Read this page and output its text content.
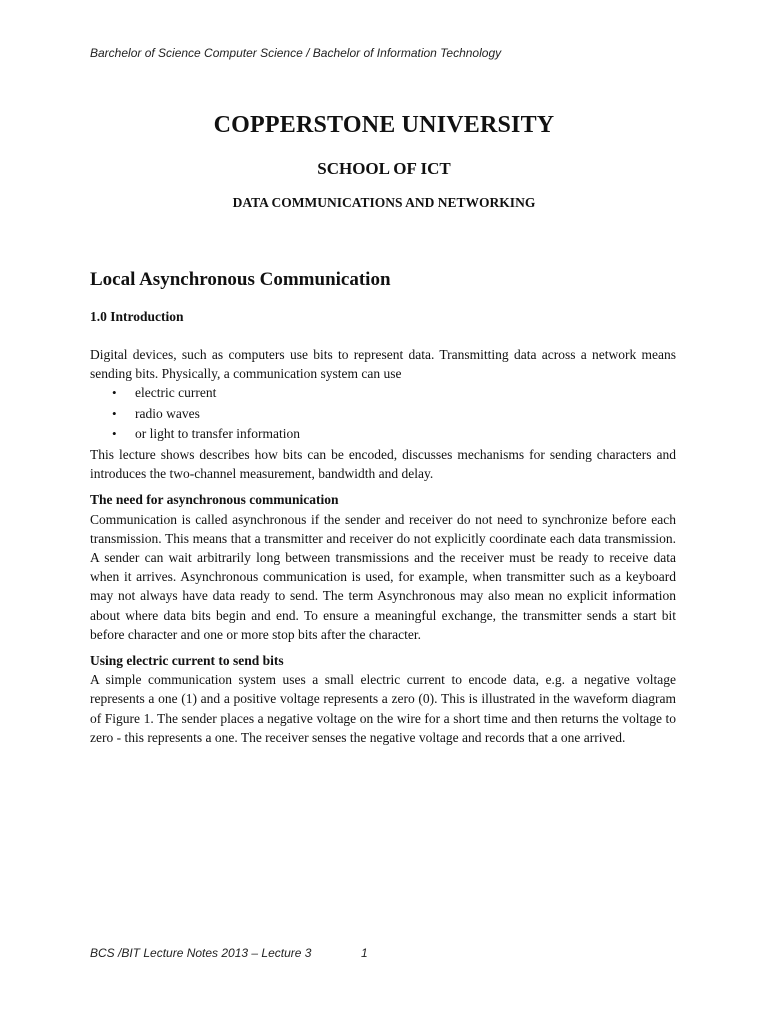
Barchelor of Science Computer Science / Bachelor of Information Technology
COPPERSTONE UNIVERSITY
SCHOOL OF ICT
DATA COMMUNICATIONS AND NETWORKING
Local Asynchronous Communication
1.0 Introduction

Digital devices, such as computers use bits to represent data. Transmitting data across a network means sending bits. Physically, a communication system can use

• electric current
• radio waves
• or light to transfer information

This lecture shows describes how bits can be encoded, discusses mechanisms for sending characters and introduces the two-channel measurement, bandwidth and delay.

The need for asynchronous communication

Communication is called asynchronous if the sender and receiver do not need to synchronize before each transmission. This means that a transmitter and receiver do not explicitly coordinate each data transmission. A sender can wait arbitrarily long between transmissions and the receiver must be ready to receive data when it arrives. Asynchronous communication is used, for example, when transmitter such as a keyboard may not always have data ready to send. The term Asynchronous may also mean no explicit information about where data bits begin and end. To ensure a meaningful exchange, the transmitter sends a start bit before character and one or more stop bits after the character.

Using electric current to send bits

A simple communication system uses a small electric current to encode data, e.g. a negative voltage represents a one (1) and a positive voltage represents a zero (0). This is illustrated in the waveform diagram of Figure 1. The sender places a negative voltage on the wire for a short time and then returns the voltage to zero - this represents a one. The receiver senses the negative voltage and records that a one arrived.

BCS /BIT Lecture Notes 2013 – Lecture 3	1
